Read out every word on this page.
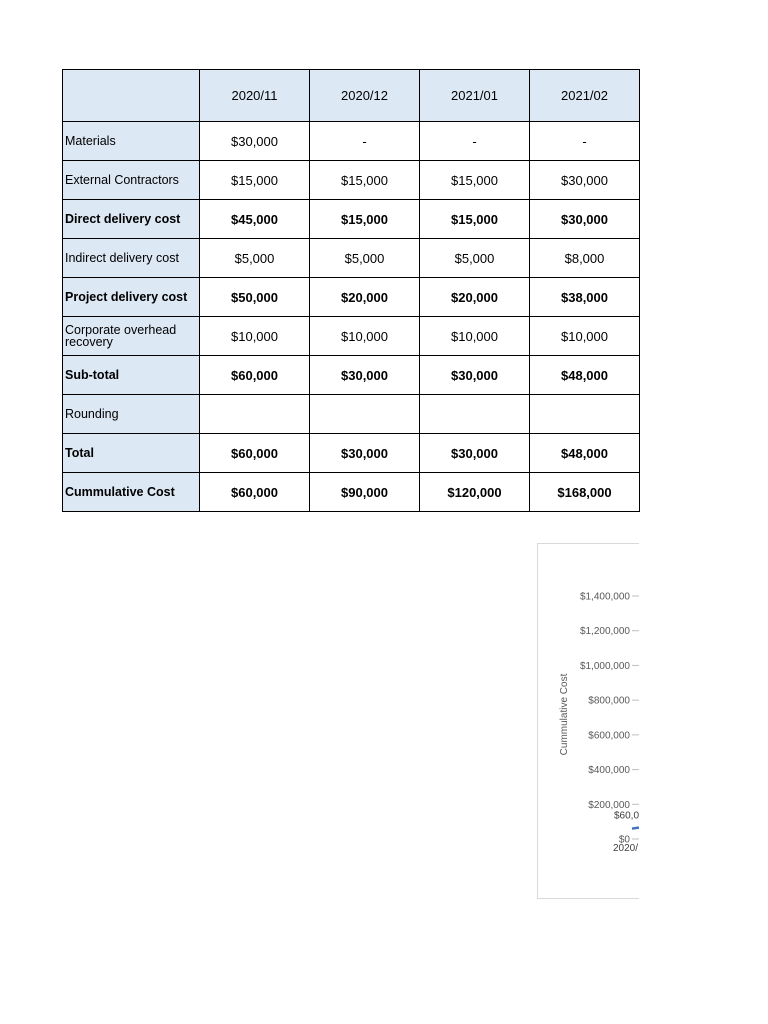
	2020/11	2020/12	2021/01	2021/02
Materials	$30,000	-	-	-
External Contractors	$15,000	$15,000	$15,000	$30,000
Direct delivery cost	$45,000	$15,000	$15,000	$30,000
Indirect delivery cost	$5,000	$5,000	$5,000	$8,000
Project delivery cost	$50,000	$20,000	$20,000	$38,000
Corporate overhead recovery	$10,000	$10,000	$10,000	$10,000
Sub-total	$60,000	$30,000	$30,000	$48,000
Rounding				
Total	$60,000	$30,000	$30,000	$48,000
Cummulative Cost	$60,000	$90,000	$120,000	$168,000
$0
$200,000
$400,000
$600,000
$800,000
$1,000,000
$1,200,000
$1,400,000
Cummulative Cost
$60,0
2020/
